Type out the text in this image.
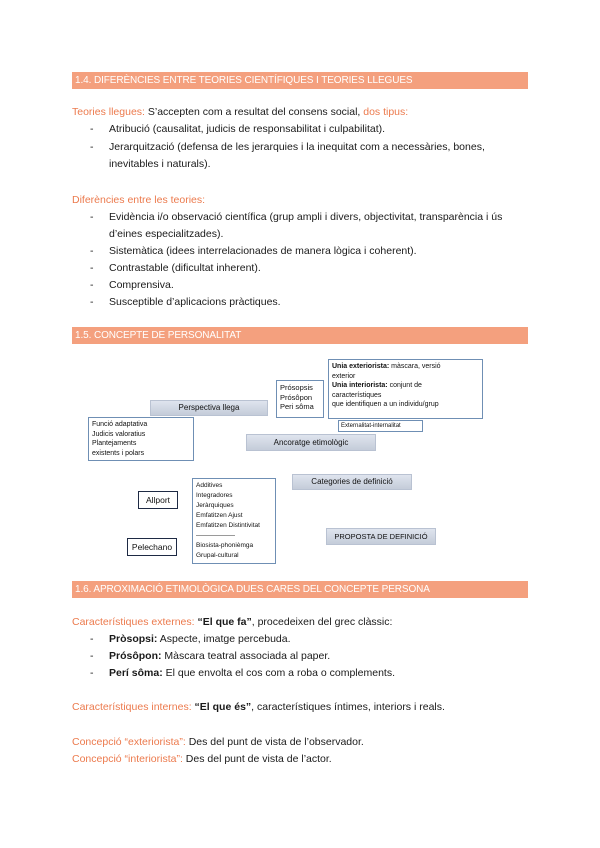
1.4. DIFERÈNCIES ENTRE TEORIES CIENTÍFIQUES I TEORIES LLEGUES
Teories llegues: S’accepten com a resultat del consens social, dos tipus:
- Atribució (causalitat, judicis de responsabilitat i culpabilitat).
- Jerarquització (defensa de les jerarquies i la inequitat com a necessàries, bones,
inevitables i naturals).
Diferències entre les teories:
- Evidència i/o observació científica (grup ampli i divers, objectivitat, transparència i ús
d’eines especialitzades).
- Sistemàtica (idees interrelacionades de manera lògica i coherent).
- Contrastable (dificultat inherent).
- Comprensiva.
- Susceptible d’aplicacions pràctiques.
1.5. CONCEPTE DE PERSONALITAT
Unia exteriorista: màscara, versió
exterior
Unia interiorista: conjunt de
característiques
que identifiquen a un individu/grup
Prósopsis
Prósôpon
Peri sôma
Externalitat-internalitat
Perspectiva llega
Funció adaptativa
Judicis valoratius
Plantejaments
existents i polars
Ancoratge etimològic
Categories de definició
Allport
Additives
Integradores
Jeràrquiques
Emfatitzen Ajust
Emfatitzen Distintivitat
——————
Biosista-phonièmga
Grupal-cultural
Pelechano
PROPOSTA DE DEFINICIÓ
1.6. APROXIMACIÓ ETIMOLÒGICA DUES CARES DEL CONCEPTE PERSONA
Característiques externes: “El que fa”, procedeixen del grec clàssic:
- Pròsopsi: Aspecte, imatge percebuda.
- Prósôpon: Màscara teatral associada al paper.
- Perí sôma: El que envolta el cos com a roba o complements.
Característiques internes: “El que és”, característiques íntimes, interiors i reals.
Concepció “exteriorista”: Des del punt de vista de l’observador.
Concepció “interiorista”: Des del punt de vista de l’actor.
